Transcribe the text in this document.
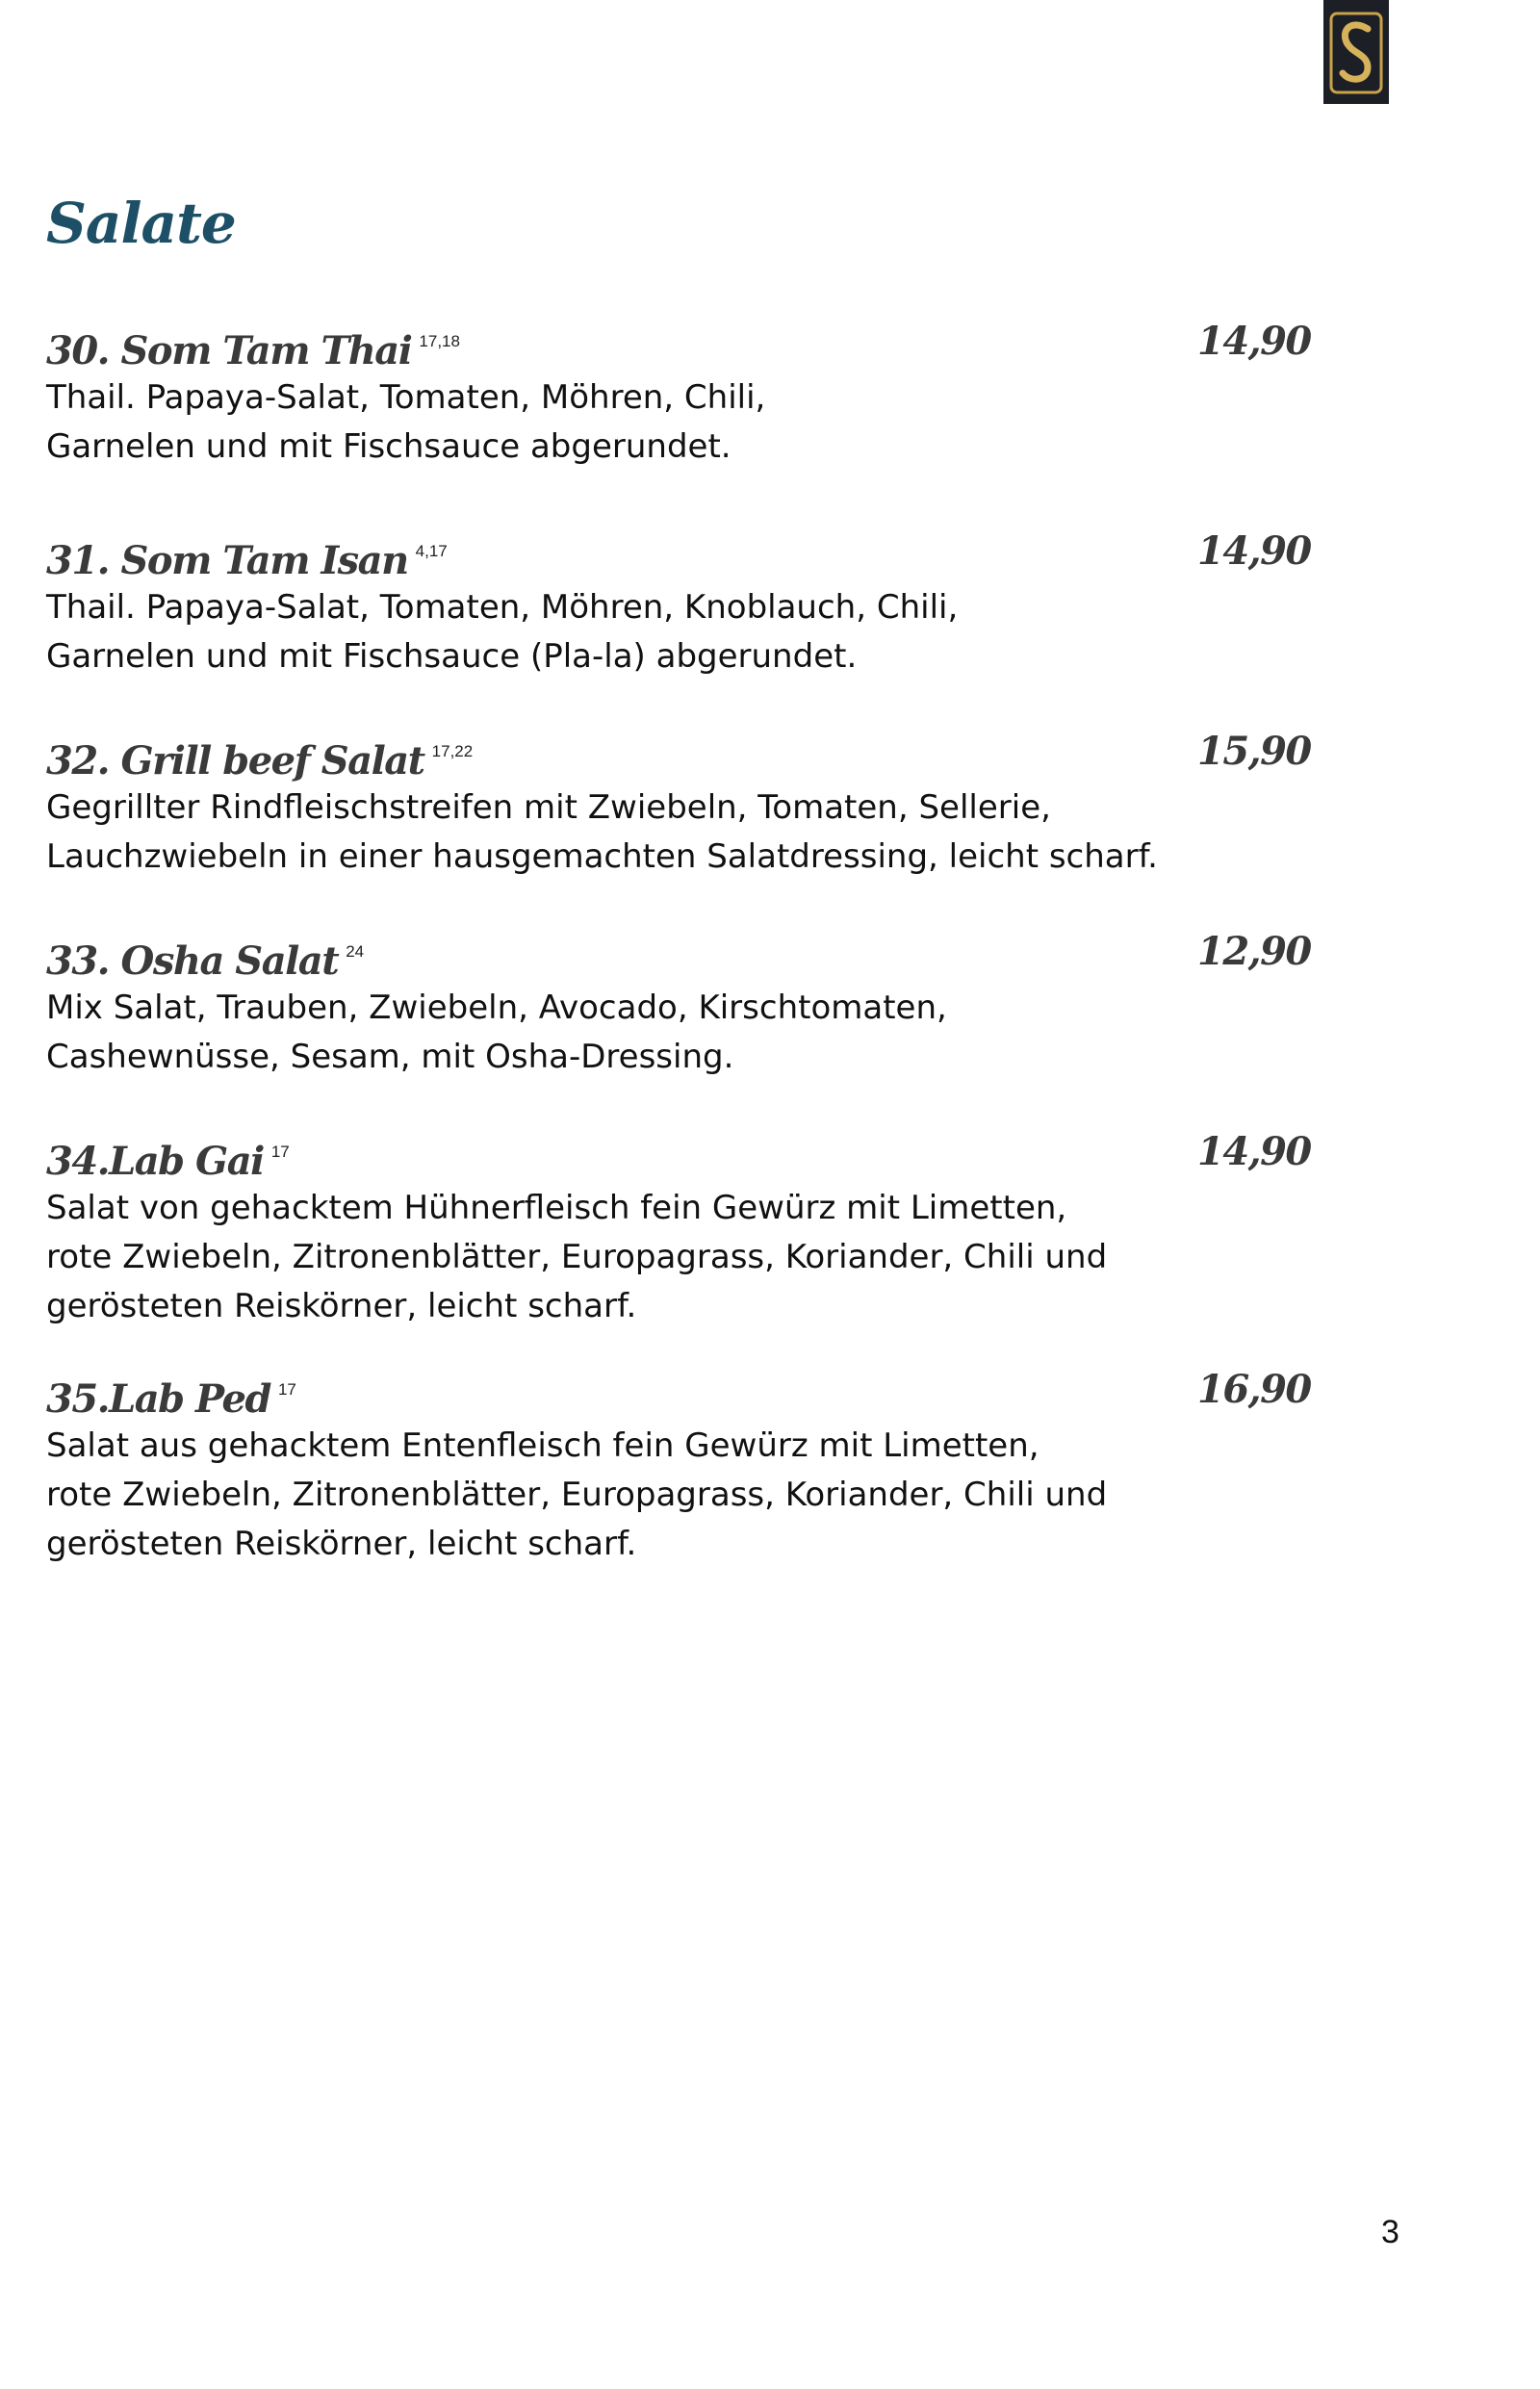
Salate
30. Som Tam Thai $^{17,18}$	14,90

Thail. Papaya-Salat, Tomaten, Möhren, Chili,
Garnelen und mit Fischsauce abgerundet.

31. Som Tam Isan $^{4,17}$	14,90

Thail. Papaya-Salat, Tomaten, Möhren, Knoblauch, Chili,
Garnelen und mit Fischsauce (Pla-la) abgerundet.

32. Grill beef Salat $^{17,22}$	15,90

Gegrillter Rindfleischstreifen mit Zwiebeln, Tomaten, Sellerie,
Lauchzwiebeln in einer hausgemachten Salatdressing, leicht scharf.

33. Osha Salat $^{24}$	12,90

Mix Salat, Trauben, Zwiebeln, Avocado, Kirschtomaten,
Cashewnüsse, Sesam, mit Osha-Dressing.

34.Lab Gai $^{17}$	14,90

Salat von gehacktem Hühnerfleisch fein Gewürz mit Limetten,
rote Zwiebeln, Zitronenblätter, Europagrass, Koriander, Chili und
gerösteten Reiskörner, leicht scharf.

35.Lab Ped $^{17}$	16,90

Salat aus gehacktem Entenfleisch fein Gewürz mit Limetten,
rote Zwiebeln, Zitronenblätter, Europagrass, Koriander, Chili und
gerösteten Reiskörner, leicht scharf.

3
